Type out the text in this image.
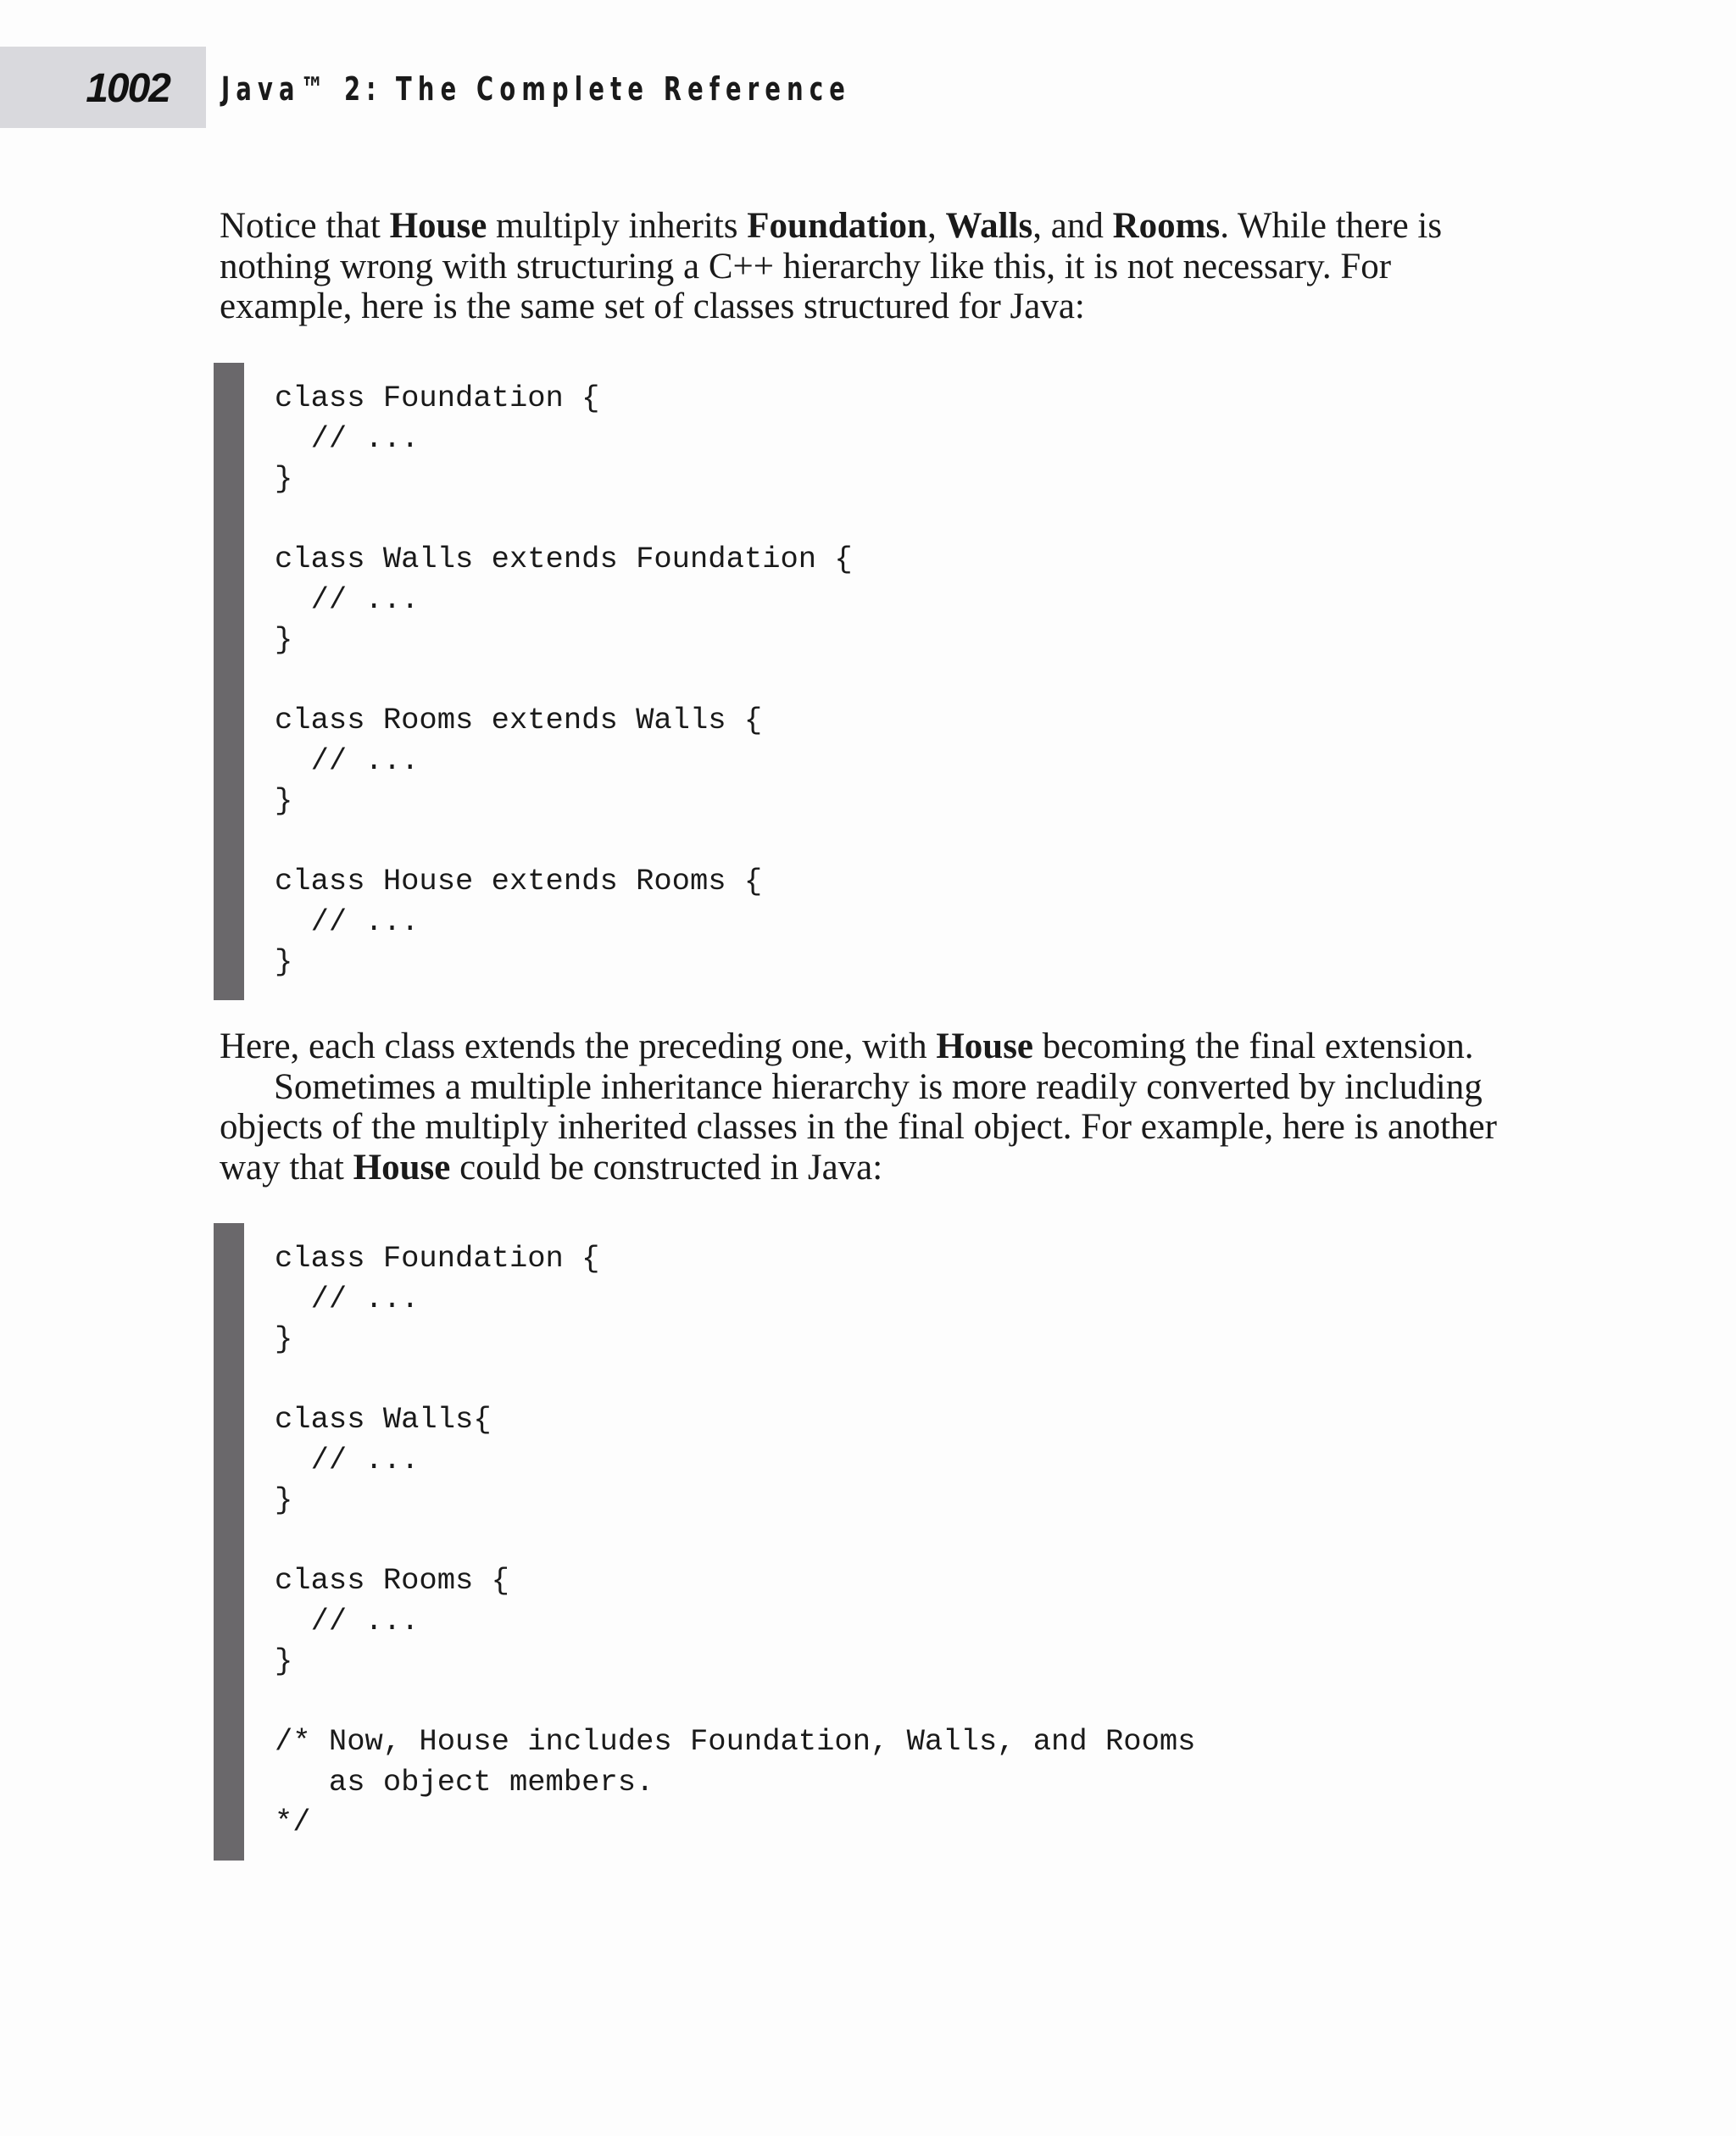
1002 Java™ 2: The Complete Reference

Notice that House multiply inherits Foundation, Walls, and Rooms. While there is nothing wrong with structuring a C++ hierarchy like this, it is not necessary. For example, here is the same set of classes structured for Java:

class Foundation {
// ...
}

class Walls extends Foundation {
// ...
}

class Rooms extends Walls {
// ...
}

class House extends Rooms {
// ...
}

Here, each class extends the preceding one, with House becoming the final extension.

Sometimes a multiple inheritance hierarchy is more readily converted by including objects of the multiply inherited classes in the final object. For example, here is another way that House could be constructed in Java:

class Foundation {
// ...
}

class Walls{
// ...
}

class Rooms {
// ...
}

/* Now, House includes Foundation, Walls, and Rooms
as object members.
*/
